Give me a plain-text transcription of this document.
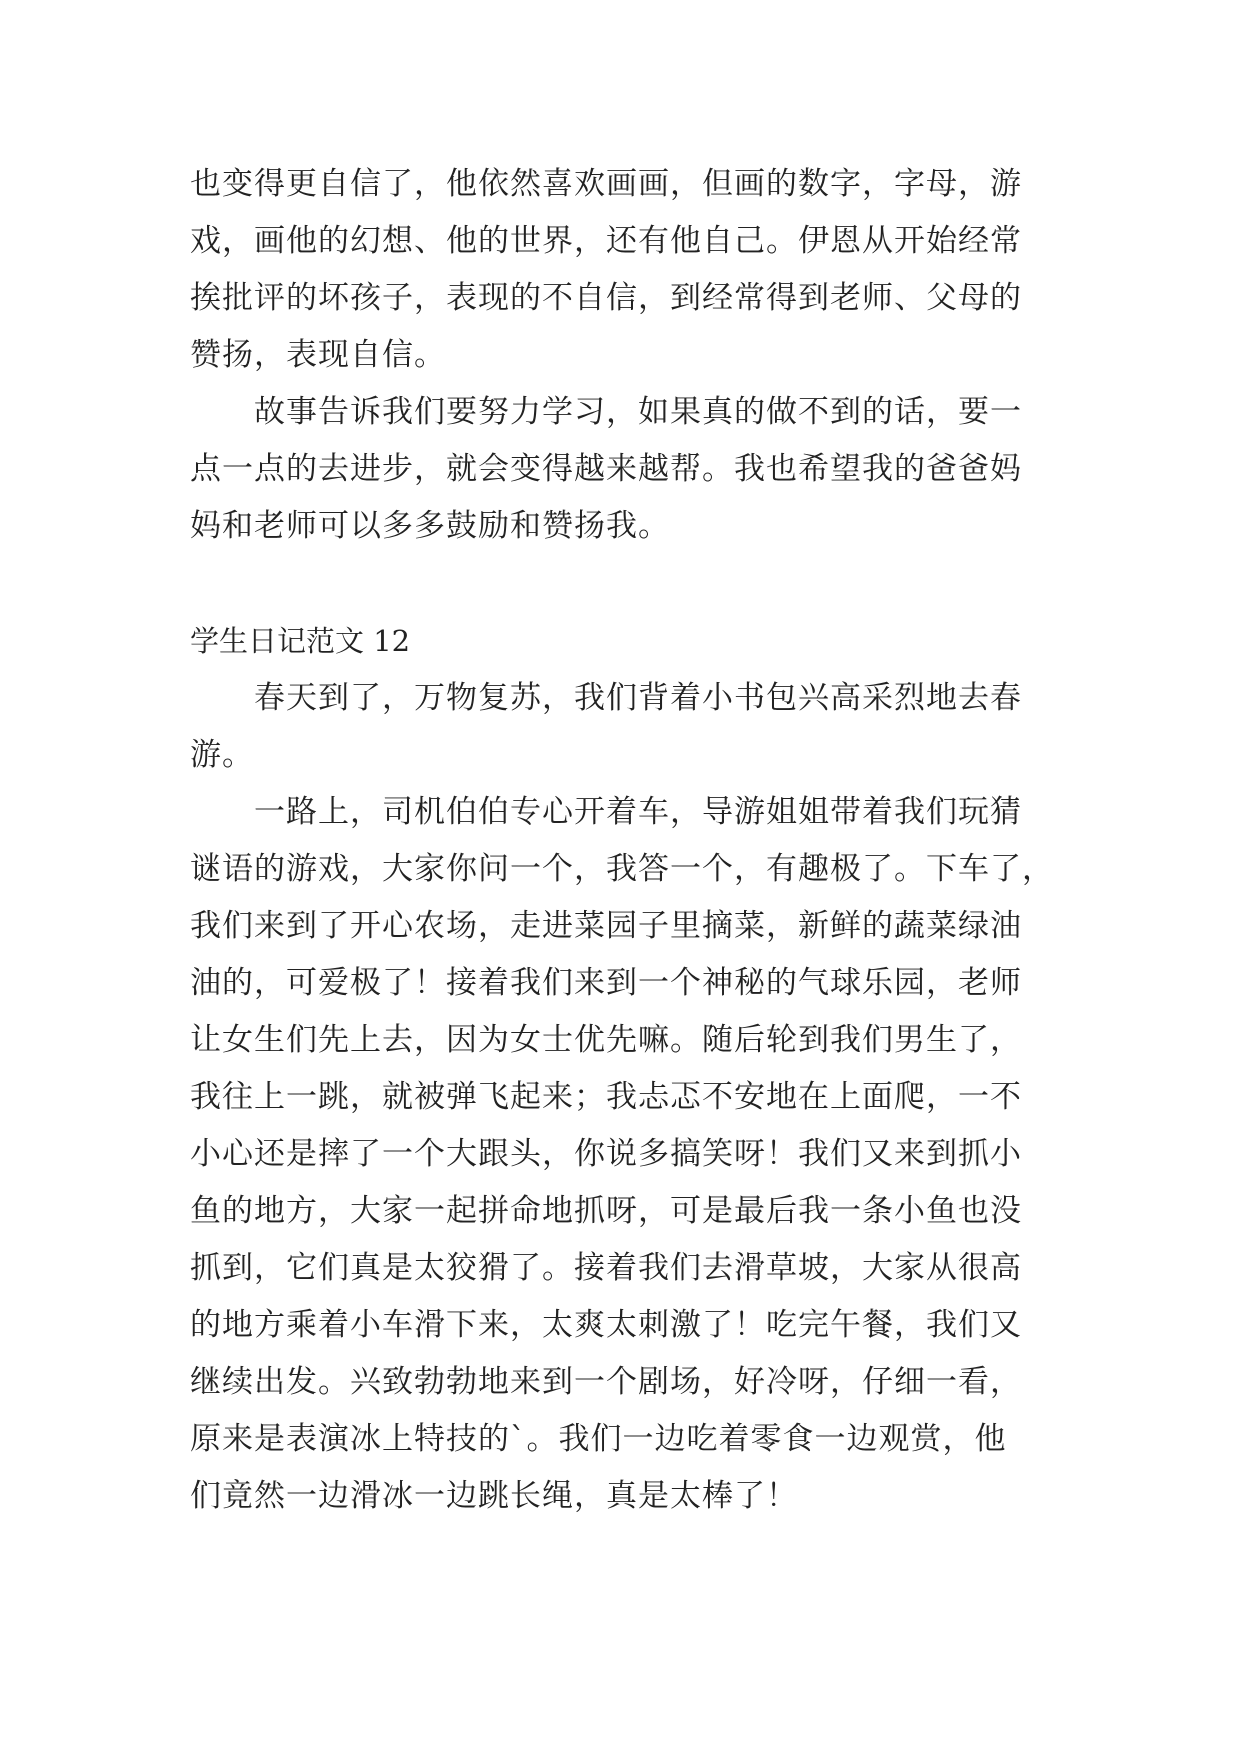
也变得更自信了，他依然喜欢画画，但画的数字，字母，游
戏，画他的幻想、他的世界，还有他自己。伊恩从开始经常
挨批评的坏孩子，表现的不自信，到经常得到老师、父母的
赞扬，表现自信。
　　故事告诉我们要努力学习，如果真的做不到的话，要一
点一点的去进步，就会变得越来越帮。我也希望我的爸爸妈
妈和老师可以多多鼓励和赞扬我。
学生日记范文 12
　　春天到了，万物复苏，我们背着小书包兴高采烈地去春
游。
　　一路上，司机伯伯专心开着车，导游姐姐带着我们玩猜
谜语的游戏，大家你问一个，我答一个，有趣极了。下车了，
我们来到了开心农场，走进菜园子里摘菜，新鲜的蔬菜绿油
油的，可爱极了！接着我们来到一个神秘的气球乐园，老师
让女生们先上去，因为女士优先嘛。随后轮到我们男生了，
我往上一跳，就被弹飞起来；我忐忑不安地在上面爬，一不
小心还是摔了一个大跟头，你说多搞笑呀！我们又来到抓小
鱼的地方，大家一起拼命地抓呀，可是最后我一条小鱼也没
抓到，它们真是太狡猾了。接着我们去滑草坡，大家从很高
的地方乘着小车滑下来，太爽太刺激了！吃完午餐，我们又
继续出发。兴致勃勃地来到一个剧场，好冷呀，仔细一看，
原来是表演冰上特技的`。我们一边吃着零食一边观赏，他
们竟然一边滑冰一边跳长绳，真是太棒了！
